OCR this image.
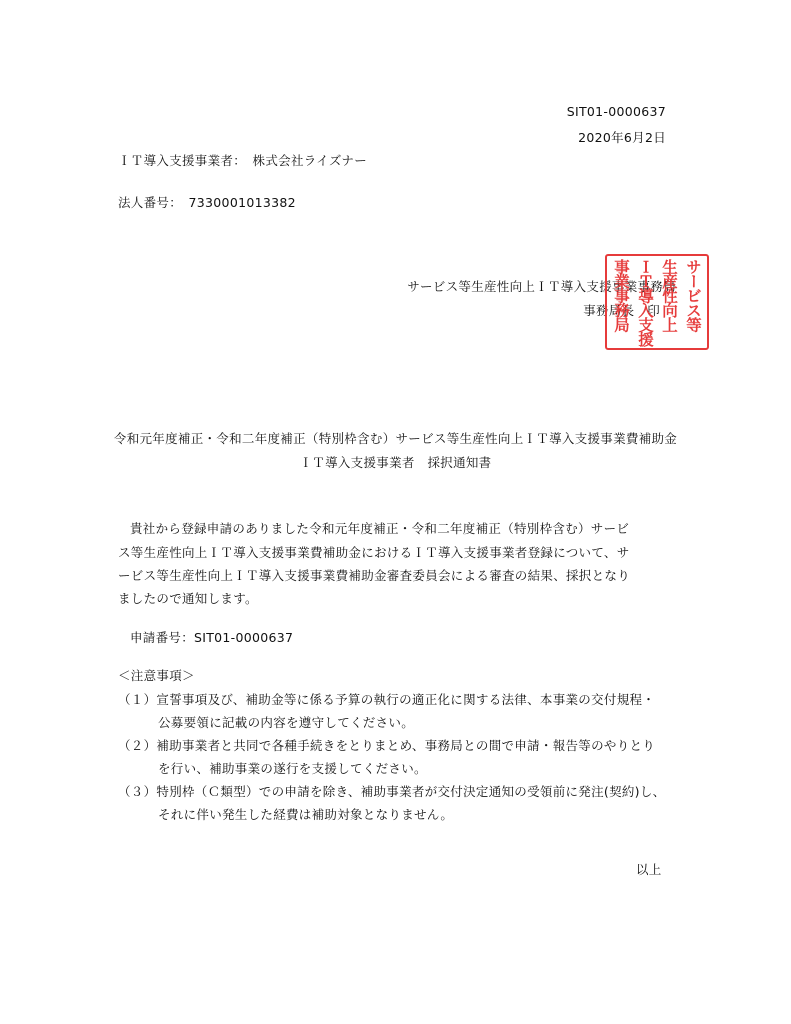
SIT01-0000637
2020年6月2日
ＩＴ導入支援事業者：　株式会社ライズナー
法人番号：　7330001013382
サービス等生産性向上ＩＴ導入支援事業事務局
事務局長　印 サービス等
生産性向上
ＩＴ導入支援
事業事務局
令和元年度補正・令和二年度補正（特別枠含む）サービス等生産性向上ＩＴ導入支援事業費補助金
ＩＴ導入支援事業者　採択通知書
貴社から登録申請のありました令和元年度補正・令和二年度補正（特別枠含む）サービ
ス等生産性向上ＩＴ導入支援事業費補助金におけるＩＴ導入支援事業者登録について、サ
ービス等生産性向上ＩＴ導入支援事業費補助金審査委員会による審査の結果、採択となり
ましたので通知します。
申請番号：SIT01-0000637
＜注意事項＞
（１）宣誓事項及び、補助金等に係る予算の執行の適正化に関する法律、本事業の交付規程・
公募要領に記載の内容を遵守してください。
（２）補助事業者と共同で各種手続きをとりまとめ、事務局との間で申請・報告等のやりとり
を行い、補助事業の遂行を支援してください。
（３）特別枠（Ｃ類型）での申請を除き、補助事業者が交付決定通知の受領前に発注(契約)し、
それに伴い発生した経費は補助対象となりません。
以上
